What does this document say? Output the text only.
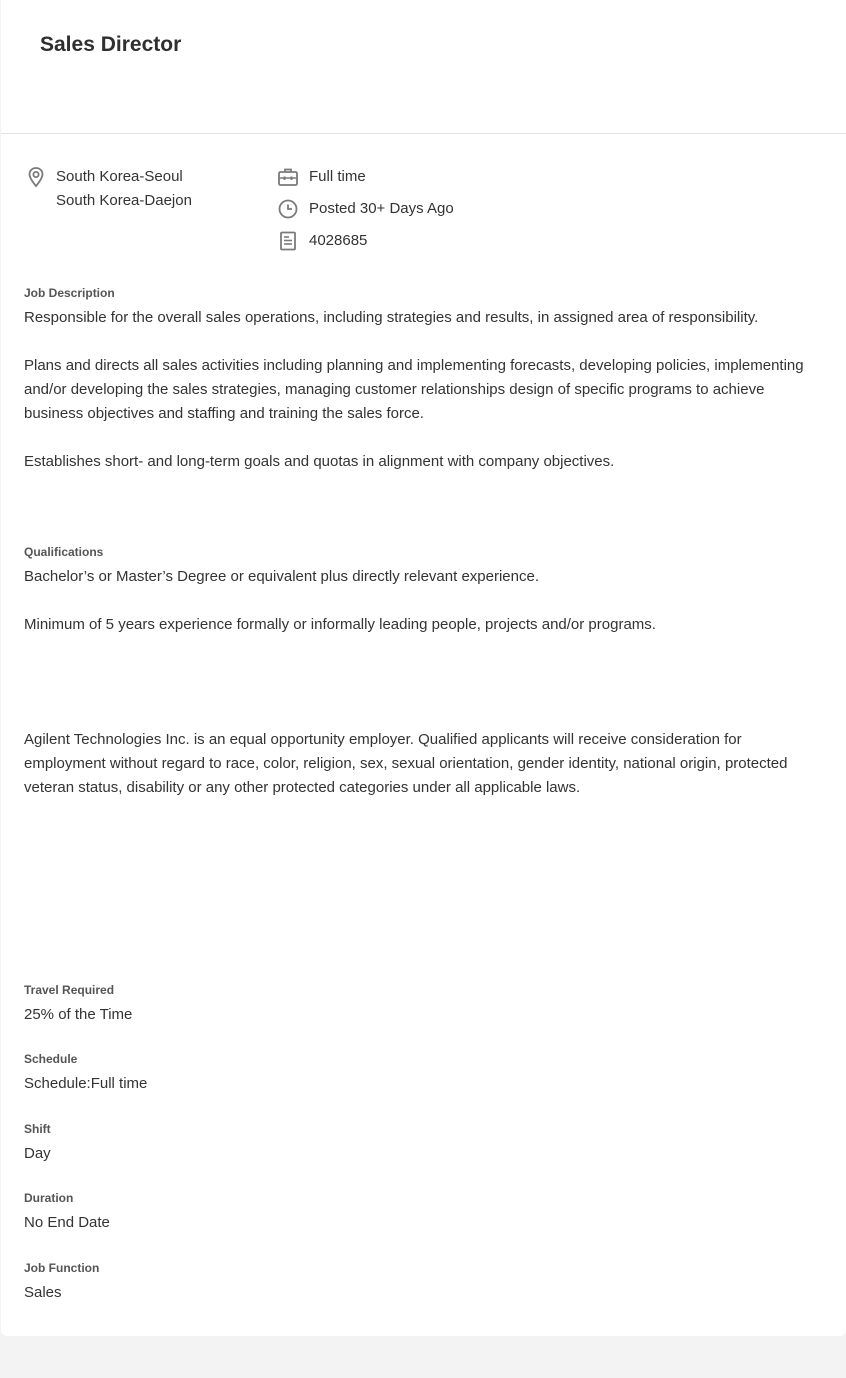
Sales Director
South Korea-Seoul
South Korea-Daejon
Full time
Posted 30+ Days Ago
4028685
Job Description
Responsible for the overall sales operations, including strategies and results, in assigned area of responsibility.
Plans and directs all sales activities including planning and implementing forecasts, developing policies, implementing and/or developing the sales strategies, managing customer relationships design of specific programs to achieve business objectives and staffing and training the sales force.
Establishes short- and long-term goals and quotas in alignment with company objectives.
Qualifications
Bachelor’s or Master’s Degree or equivalent plus directly relevant experience.
Minimum of 5 years experience formally or informally leading people, projects and/or programs.
Agilent Technologies Inc. is an equal opportunity employer. Qualified applicants will receive consideration for employment without regard to race, color, religion, sex, sexual orientation, gender identity, national origin, protected veteran status, disability or any other protected categories under all applicable laws.
Travel Required
25% of the Time
Schedule
Schedule:Full time
Shift
Day
Duration
No End Date
Job Function
Sales
